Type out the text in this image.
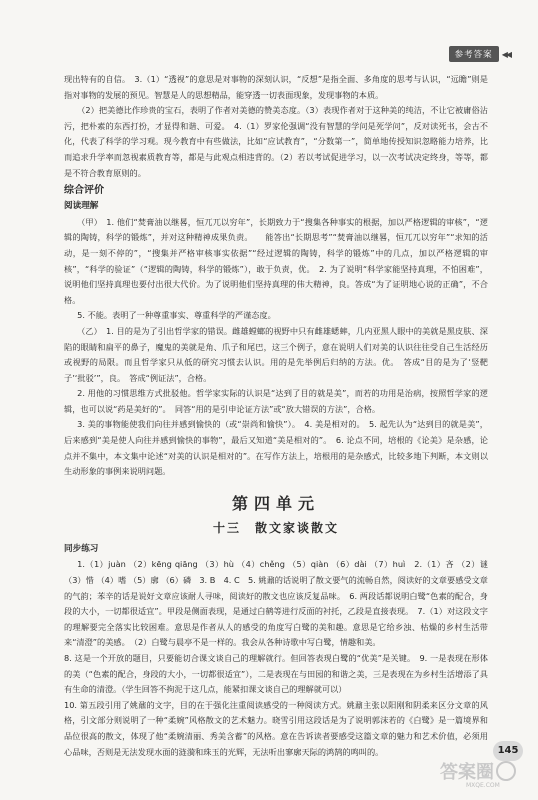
参考答案	◀◀

现出特有的自信。　3.（1）“透视”的意思是对事物的深刻认识，“反想”是指全面、多角度的思考与认识，“远瞻”则是指对事物的发展的预见。智慧是人的思想精品，能穿透一切表面现象，发现事物的本质。

（2）把美德比作珍贵的宝石，表明了作者对美德的赞美态度。（3）表现作者对于这种美的纯洁，不让它被庸俗沾污，把朴素的东西打扮，才显得和谐、可爱。　4.（1）罗家伦强调“没有智慧的学问是死学问”，反对读死书，会古不化，代表了科学的学习观。现今教育中有些做法，比如“应试教育”，“分数第一”，简单地传授知识忽略能力培养，比而追求升学率而忽视素质教育等，都是与此观点相违背的。（2）若以考试促进学习，以一次考试决定终身，等等，都是不符合教育原则的。

综合评价
阅读理解

（甲）　1. 他们“焚膏油以继晷，恒兀兀以穷年”，长期致力于“搜集各种事实的根据，加以严格逻辑的审核”，“逻辑的陶铸，科学的锻炼”，并对这种精神成果负责。　　能答出“长期思考”“焚膏油以继晷，恒兀兀以穷年”“求知的活动，是一刻不停的”，“搜集并严格审核事实依据”“经过逻辑的陶铸，科学的锻炼”中的几点，加以严格逻辑的审核”，“科学的验证”（“逻辑的陶铸，科学的锻炼”），敢于负责，优。　2. 为了说明“科学家能坚持真理，不怕困难”，说明他们坚持真理也要付出很大代价。为了说明他们坚持真理的伟大精神，良。答成“为了证明地心说的正确”，不合格。

5. 不能。表明了一种尊重事实、尊重科学的严谨态度。

（乙）　1. 目的是为了引出哲学家的错误。雌雄螳螂的视野中只有雌雄蟋蟀，几内亚黑人眼中的美就是黑皮肤、深陷的眼睛和扁平的鼻子，魔鬼的美就是角、爪子和尾巴，这三个例子，意在说明人们对美的认识往往受自己生活经历或视野的局限。而且哲学家只从低的研究习惯去认识。用的是先举例后归纳的方法。优。　答成“目的是为了‘竖靶子’‘批驳’”，良。　答成“例证法”，合格。

2. 用他的习惯思维方式批驳他。哲学家实际的认识是“达到了目的就是美”，而若的功用是治病，按照哲学家的逻辑，也可以说“药是美好的”。　同答“用的是引申论证方法”或“放大错误的方法”，合格。

3. 美的事物能使我们向往并感到愉快的（或“崇尚和愉快”）。　4. 美是相对的。　5. 起先认为“达到目的就是美”，后来感到“美是使人向往并感到愉快的事物”，最后又知道“美是相对的”。　6. 论点不同，培根的《论美》是杂感，论点并不集中，本文集中论述“对美的认识是相对的”。在写作方法上，培根用的是杂感式，比较多地下判断，本文则以生动形象的事例来说明问题。

第四单元
十三　散文家谈散文
同步练习

1.（1）juàn （2）kēng qiāng （3）hù （4）chěng （5）qiàn （6）dài （7）huì　2.（1）吝 （2）谜 （3）惜 （4）嗜 （5）廓 （6）磷　3. B　4. C　5. 姚鼐的话说明了散文要气的流畅自然，阅读好的文章要感受文章的气韵；苯辛的话是说好文章应该耐人寻味，阅读好的散文也应该反复品味。　6. 两段话都说明白鹭“色素的配合，身段的大小，一切都很适宜”。甲段是侧面表现，是通过白鹤等进行反面的衬托，乙段是直接表现。　7.（1）对这段文字的理解要完全落实比较困难。意思是作者从人的感受的角度写白鹭的美和趣。意思是它给乡浊、枯燥的乡村生活带来“清澄”的美感。　（2）白鹭与晨亭不是一样的。我会从各种诗歌中写白鹭，情趣和美。

8. 这是一个开放的题目，只要能切合课文谈自己的理解就行。但回答表现白鹭的“优美”是关键。　9. 一是表现在形体的美（“色素的配合，身段的大小，一切都很适宜”），二是表现在与田园的和谐之美，三是表现在为乡村生活增添了具有生命的清澄。（学生回答不拘泥于这几点，能紧扣课文谈自己的理解就可以）

10. 第五段引用了姚鼐的文字，目的在于强化注重阅读感受的一种阅读方式。姚鼐主张以阳刚和阴柔来区分文章的风格，引文部分则说明了一种“柔婉”风格散文的艺术魅力。晓雪引用这段话是为了说明郭沫若的《白鹭》是一篇境界和品位很高的散文，体现了他“柔婉清丽、秀美含蓄”的风格。意在告诉读者要感受这篇文章的魅力和艺术价值，必须用心品味，否则是无法发现水面的涟漪和珠玉的光辉，无法听出寥廓天际的鸿鹄的鸣叫的。	145
答案圈
MXQE.COM
